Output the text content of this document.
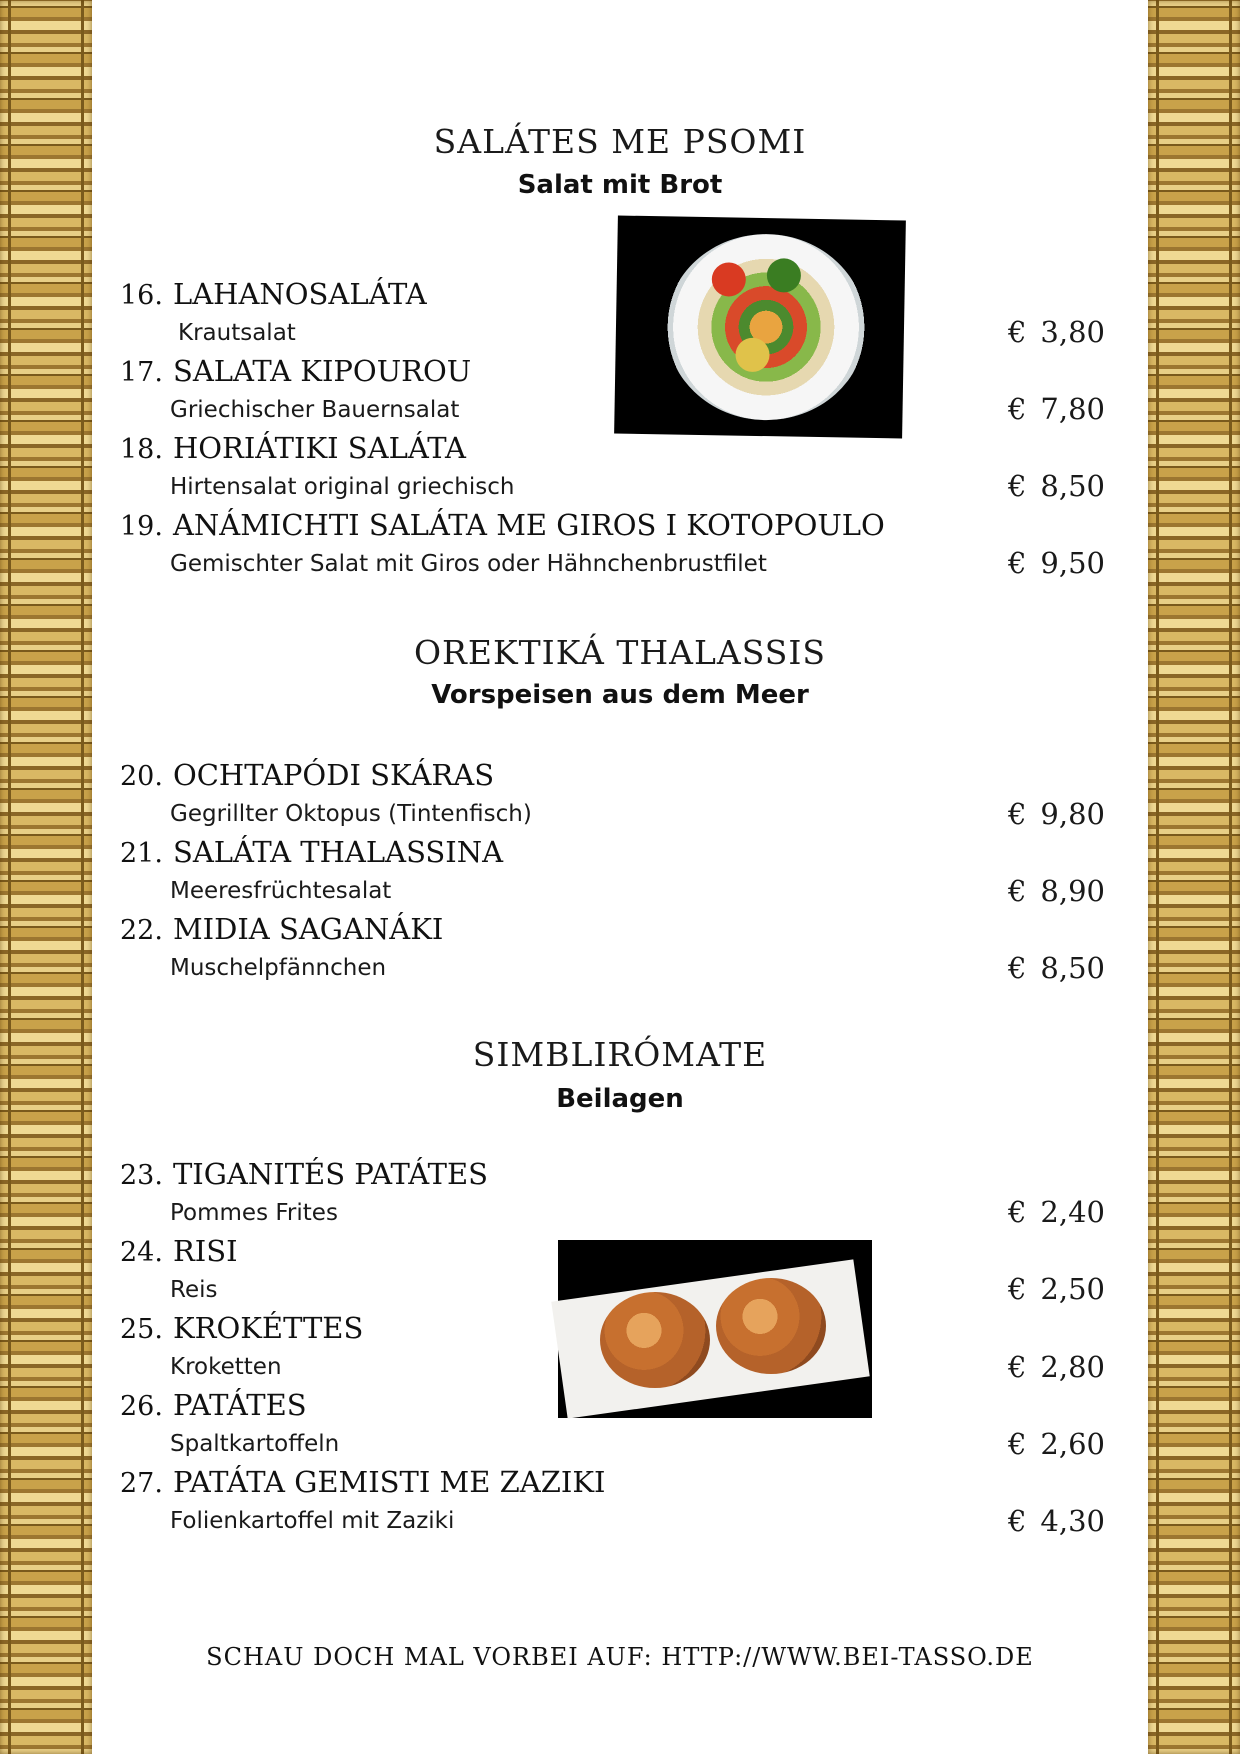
SALÁTES ME PSOMI
Salat mit Brot
16. LAHANOSALÁTA
Krautsalat	€ 3,80
17. SALATA KIPOUROU
Griechischer Bauernsalat	€ 7,80
18. HORIÁTIKI SALÁTA
Hirtensalat original griechisch	€ 8,50
19. ANÁMICHTI SALÁTA ME GIROS I KOTOPOULO
Gemischter Salat mit Giros oder Hähnchenbrustfilet	€ 9,50
OREKTIKÁ THALASSIS
Vorspeisen aus dem Meer
20. OCHTAPÓDI SKÁRAS
Gegrillter Oktopus (Tintenfisch)	€ 9,80
21. SALÁTA THALASSINA
Meeresfrüchtesalat	€ 8,90
22. MIDIA SAGANÁKI
Muschelpfännchen	€ 8,50
SIMBLIRÓMATE
Beilagen
23. TIGANITÉS PATÁTES
Pommes Frites	€ 2,40
24. RISI
Reis	€ 2,50
25. KROKÉTTES
Kroketten	€ 2,80
26. PATÁTES
Spaltkartoffeln	€ 2,60
27. PATÁTA GEMISTI ME ZAZIKI
Folienkartoffel mit Zaziki	€ 4,30
SCHAU DOCH MAL VORBEI AUF: HTTP://WWW.BEI-TASSO.DE
